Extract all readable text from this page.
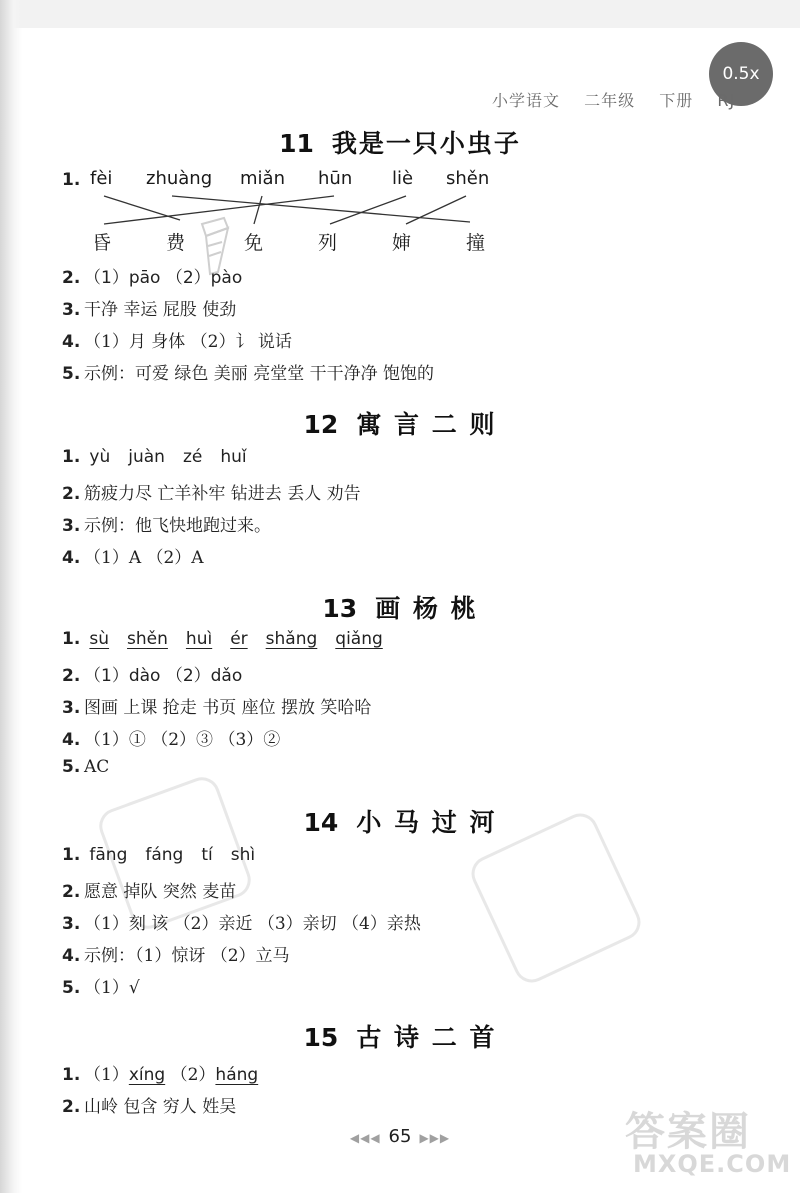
0.5x
小学语文 二年级 下册 RJ
11 我是一只小虫子
1. fèi zhuàng miǎn hūn liè shěn
昏	费	免	列	婶	撞
2. （1）pāo （2）pào
3. 干净 幸运 屁股 使劲
4. （1）月 身体 （2）讠 说话
5. 示例：可爱 绿色 美丽 亮堂堂 干干净净 饱饱的
12 寓 言 二 则
1. yù juàn zé huǐ
2. 筋疲力尽 亡羊补牢 钻进去 丢人 劝告
3. 示例：他飞快地跑过来。
4. （1）A （2）A
13 画 杨 桃
1. sù shěn huì ér shǎng qiǎng
2. （1）dào （2）dǎo
3. 图画 上课 抢走 书页 座位 摆放 笑哈哈
4. （1）① （2）③ （3）②
5. AC
14 小 马 过 河
1. fāng fáng tí shì
2. 愿意 掉队 突然 麦苗
3. （1）刻 该 （2）亲近 （3）亲切 （4）亲热
4. 示例：（1）惊讶 （2）立马
5. （1）√
15 古 诗 二 首
1. （1）xíng （2）háng
2. 山岭 包含 穷人 姓吴
◀◀◀ 65 ▶▶▶	答案圈
MXQE.COM
